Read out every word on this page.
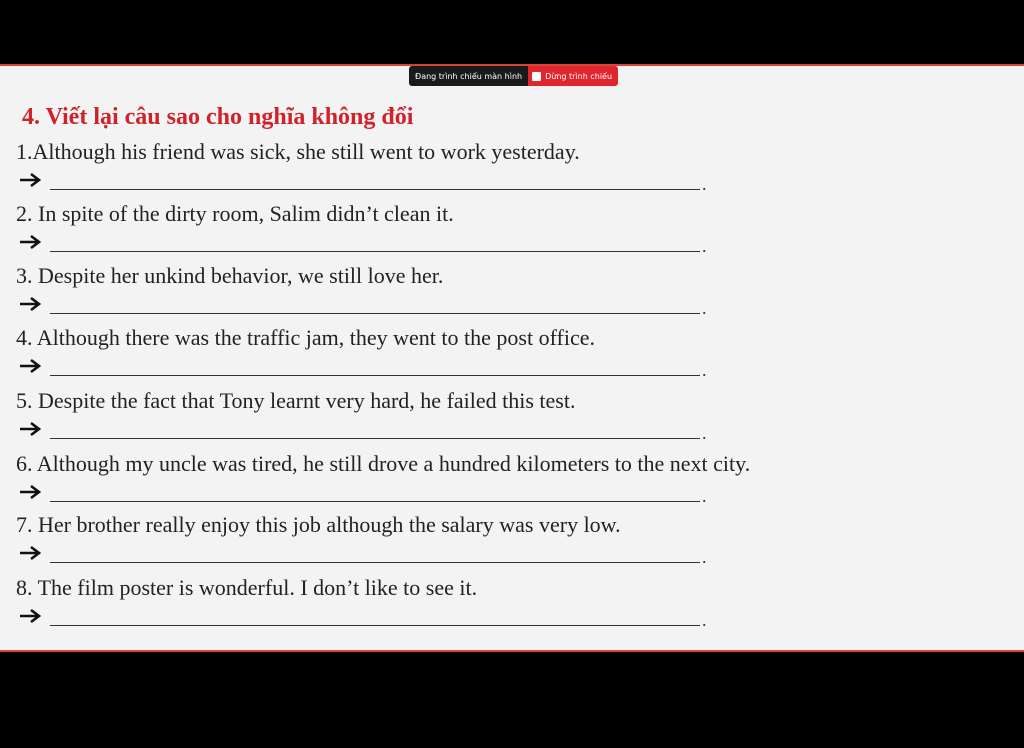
Đang trình chiếu màn hình	Dừng trình chiếu
4. Viết lại câu sao cho nghĩa không đổi
1.Although his friend was sick, she still went to work yesterday.
.
2. In spite of the dirty room, Salim didn’t clean it.
.
3. Despite her unkind behavior, we still love her.
.
4. Although there was the traffic jam, they went to the post office.
.
5. Despite the fact that Tony learnt very hard, he failed this test.
.
6. Although my uncle was tired, he still drove a hundred kilometers to the next city.
.
7. Her brother really enjoy this job although the salary was very low.
.
8. The film poster is wonderful. I don’t like to see it.
.
